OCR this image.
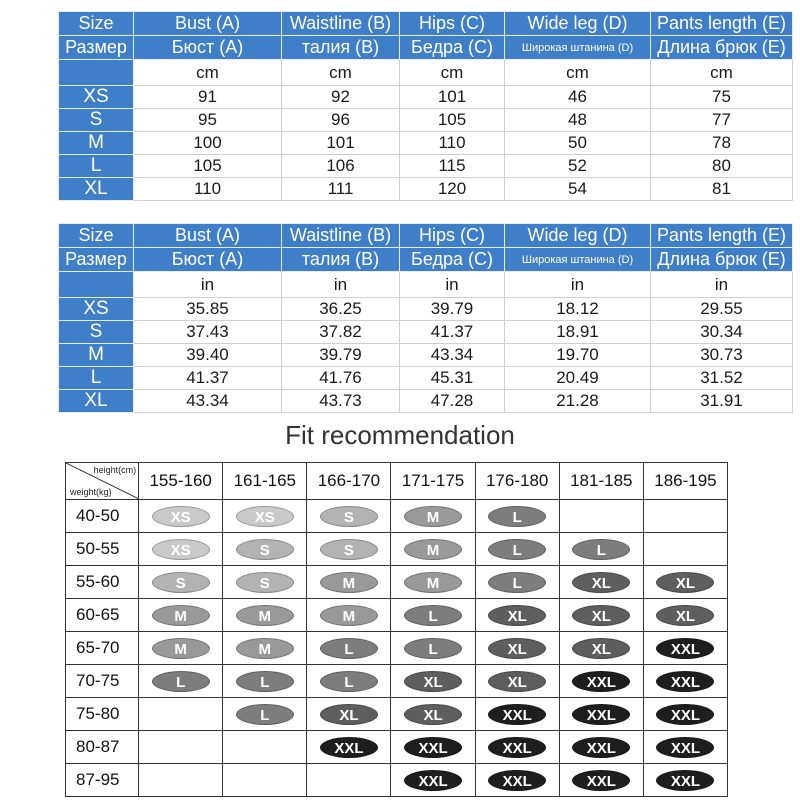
Size	Bust (A)	Waistline (B)	Hips (C)	Wide leg (D)	Pants length (E)
Размер	Бюст (A)	талия (B)	Бедра (C)	Широкая штанина (D)	Длина брюк (E)
	cm	cm	cm	cm	cm
XS	91	92	101	46	75
S	95	96	105	48	77
M	100	101	110	50	78
L	105	106	115	52	80
XL	110	111	120	54	81
Size	Bust (A)	Waistline (B)	Hips (C)	Wide leg (D)	Pants length (E)
Размер	Бюст (A)	талия (B)	Бедра (C)	Широкая штанина (D)	Длина брюк (E)
	in	in	in	in	in
XS	35.85	36.25	39.79	18.12	29.55
S	37.43	37.82	41.37	18.91	30.34
M	39.40	39.79	43.34	19.70	30.73
L	41.37	41.76	45.31	20.49	31.52
XL	43.34	43.73	47.28	21.28	31.91
Fit recommendation
height(cm)
weight(kg)	155-160	161-165	166-170	171-175	176-180	181-185	186-195
40-50	XS	XS	S	M	L		
50-55	XS	S	S	M	L	L	
55-60	S	S	M	M	L	XL	XL
60-65	M	M	M	L	XL	XL	XL
65-70	M	M	L	L	XL	XL	XXL
70-75	L	L	L	XL	XL	XXL	XXL
75-80		L	XL	XL	XXL	XXL	XXL
80-87			XXL	XXL	XXL	XXL	XXL
87-95				XXL	XXL	XXL	XXL
